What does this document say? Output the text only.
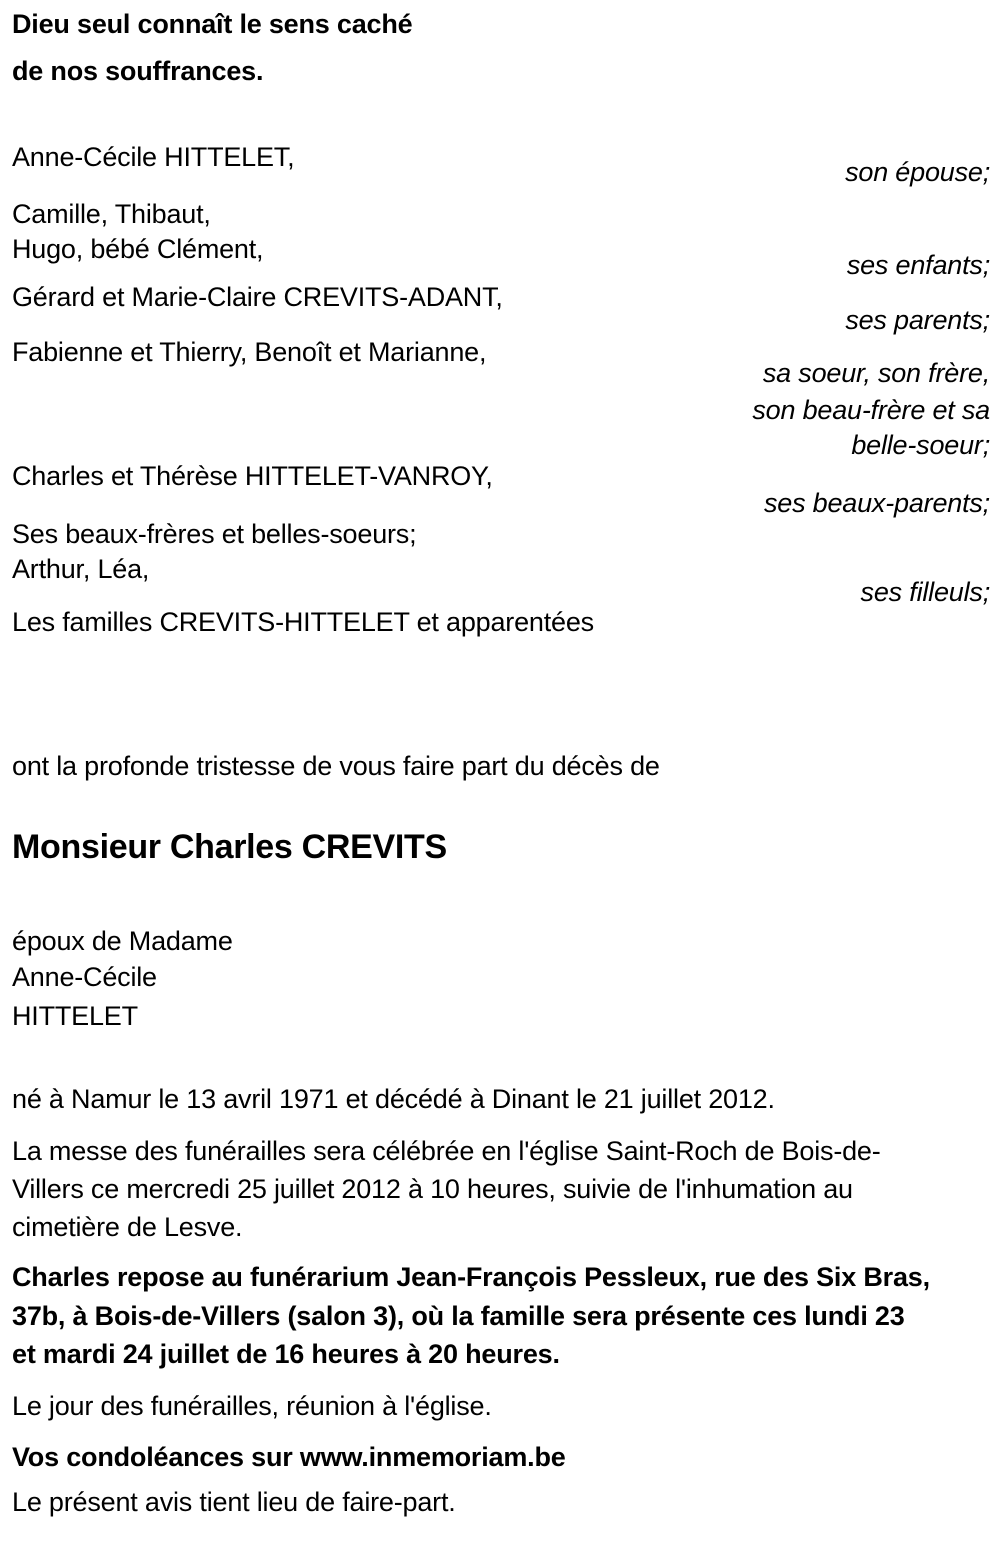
Dieu seul connaît le sens caché
de nos souffrances.
Anne-Cécile HITTELET,	son épouse;
Camille, Thibaut,
Hugo, bébé Clément,
ses enfants;
Gérard et Marie-Claire CREVITS-ADANT,
ses parents;
Fabienne et Thierry, Benoît et Marianne,
sa soeur, son frère,
son beau-frère et sa
belle-soeur;
Charles et Thérèse HITTELET-VANROY,
ses beaux-parents;
Ses beaux-frères et belles-soeurs;
Arthur, Léa,
ses filleuls;
Les familles CREVITS-HITTELET et apparentées
ont la profonde tristesse de vous faire part du décès de
Monsieur Charles CREVITS
époux de Madame
Anne-Cécile
HITTELET
né à Namur le 13 avril 1971 et décédé à Dinant le 21 juillet 2012.
La messe des funérailles sera célébrée en l'église Saint-Roch de Bois-de-
Villers ce mercredi 25 juillet 2012 à 10 heures, suivie de l'inhumation au
cimetière de Lesve.
Charles repose au funérarium Jean-François Pessleux, rue des Six Bras,
37b, à Bois-de-Villers (salon 3), où la famille sera présente ces lundi 23
et mardi 24 juillet de 16 heures à 20 heures.
Le jour des funérailles, réunion à l'église.
Vos condoléances sur www.inmemoriam.be
Le présent avis tient lieu de faire-part.
